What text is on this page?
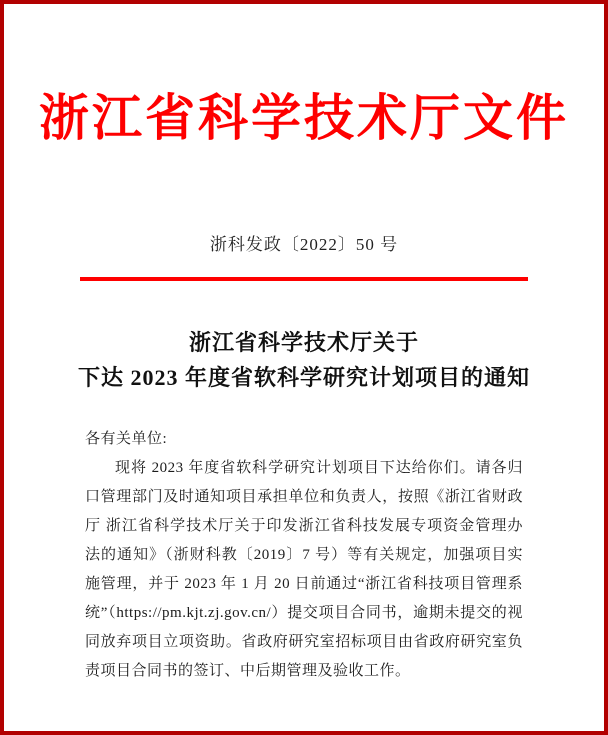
浙江省科学技术厅文件
浙科发政〔2022〕50 号
浙江省科学技术厅关于
下达 2023 年度省软科学研究计划项目的通知
各有关单位:
现将 2023 年度省软科学研究计划项目下达给你们。请各归
口管理部门及时通知项目承担单位和负责人，按照《浙江省财政
厅 浙江省科学技术厅关于印发浙江省科技发展专项资金管理办
法的通知》（浙财科教〔2019〕7 号）等有关规定，加强项目实
施管理，并于 2023 年 1 月 20 日前通过“浙江省科技项目管理系
统”（https://pm.kjt.zj.gov.cn/）提交项目合同书，逾期未提交的视
同放弃项目立项资助。省政府研究室招标项目由省政府研究室负
责项目合同书的签订、中后期管理及验收工作。
